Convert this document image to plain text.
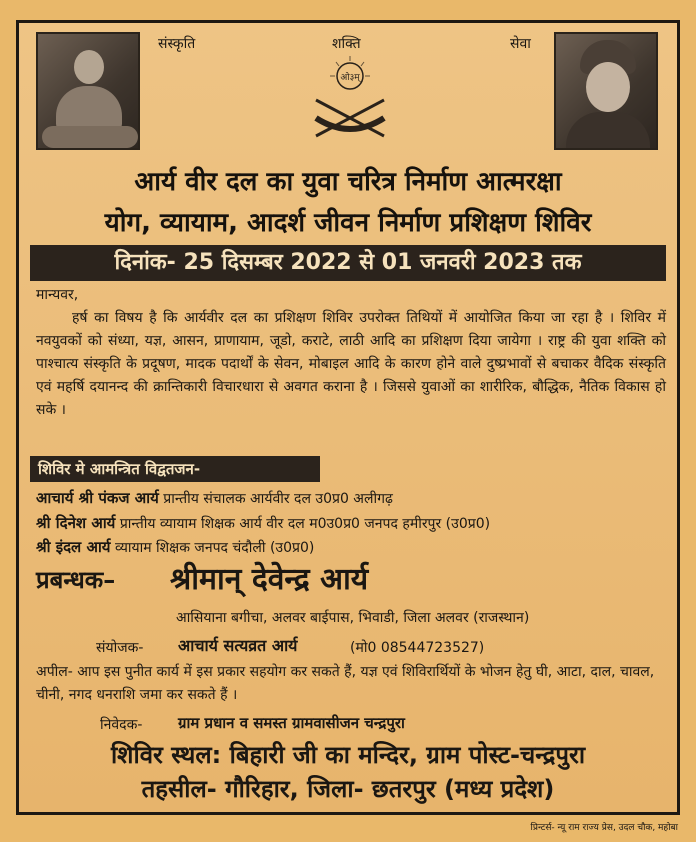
संस्कृति	शक्ति	सेवा
ओ३म्
आर्य वीर दल का युवा चरित्र निर्माण आत्मरक्षा
योग, व्यायाम, आदर्श जीवन निर्माण प्रशिक्षण शिविर
दिनांक- 25 दिसम्बर 2022 से 01 जनवरी 2023 तक
मान्यवर,
हर्ष का विषय है कि आर्यवीर दल का प्रशिक्षण शिविर उपरोक्त तिथियों में आयोजित किया जा रहा है । शिविर में नवयुवकों को संध्या, यज्ञ, आसन, प्राणायाम, जूडो, कराटे, लाठी आदि का प्रशिक्षण दिया जायेगा । राष्ट्र की युवा शक्ति को पाश्चात्य संस्कृति के प्रदूषण, मादक पदार्थों के सेवन, मोबाइल आदि के कारण होने वाले दुष्प्रभावों से बचाकर वैदिक संस्कृति एवं महर्षि दयानन्द की क्रान्तिकारी विचारधारा से अवगत कराना है । जिससे युवाओं का शारीरिक, बौद्धिक, नैतिक विकास हो सके ।
शिविर मे आमन्त्रित विद्वतजन-
आचार्य श्री पंकज आर्य प्रान्तीय संचालक आर्यवीर दल उ0प्र0 अलीगढ़
श्री दिनेश आर्य प्रान्तीय व्यायाम शिक्षक आर्य वीर दल म0उ0प्र0 जनपद हमीरपुर (उ0प्र0)
श्री इंदल आर्य व्यायाम शिक्षक जनपद चंदौली (उ0प्र0)
प्रबन्धक– श्रीमान् देवेन्द्र आर्य
आसियाना बगीचा, अलवर बाईपास, भिवाडी, जिला अलवर (राजस्थान)
संयोजक- आचार्य सत्यव्रत आर्य	(मो0 08544723527)
अपील- आप इस पुनीत कार्य में इस प्रकार सहयोग कर सकते हैं, यज्ञ एवं शिविरार्थियों के भोजन हेतु घी, आटा, दाल, चावल, चीनी, नगद धनराशि जमा कर सकते हैं ।
निवेदक- ग्राम प्रधान व समस्त ग्रामवासीजन चन्द्रपुरा
शिविर स्थल: बिहारी जी का मन्दिर, ग्राम पोस्ट-चन्द्रपुरा
तहसील- गौरिहार, जिला- छतरपुर (मध्य प्रदेश)
प्रिन्टर्स- न्यू राम राज्य प्रेस, उदल चौक, महोबा
